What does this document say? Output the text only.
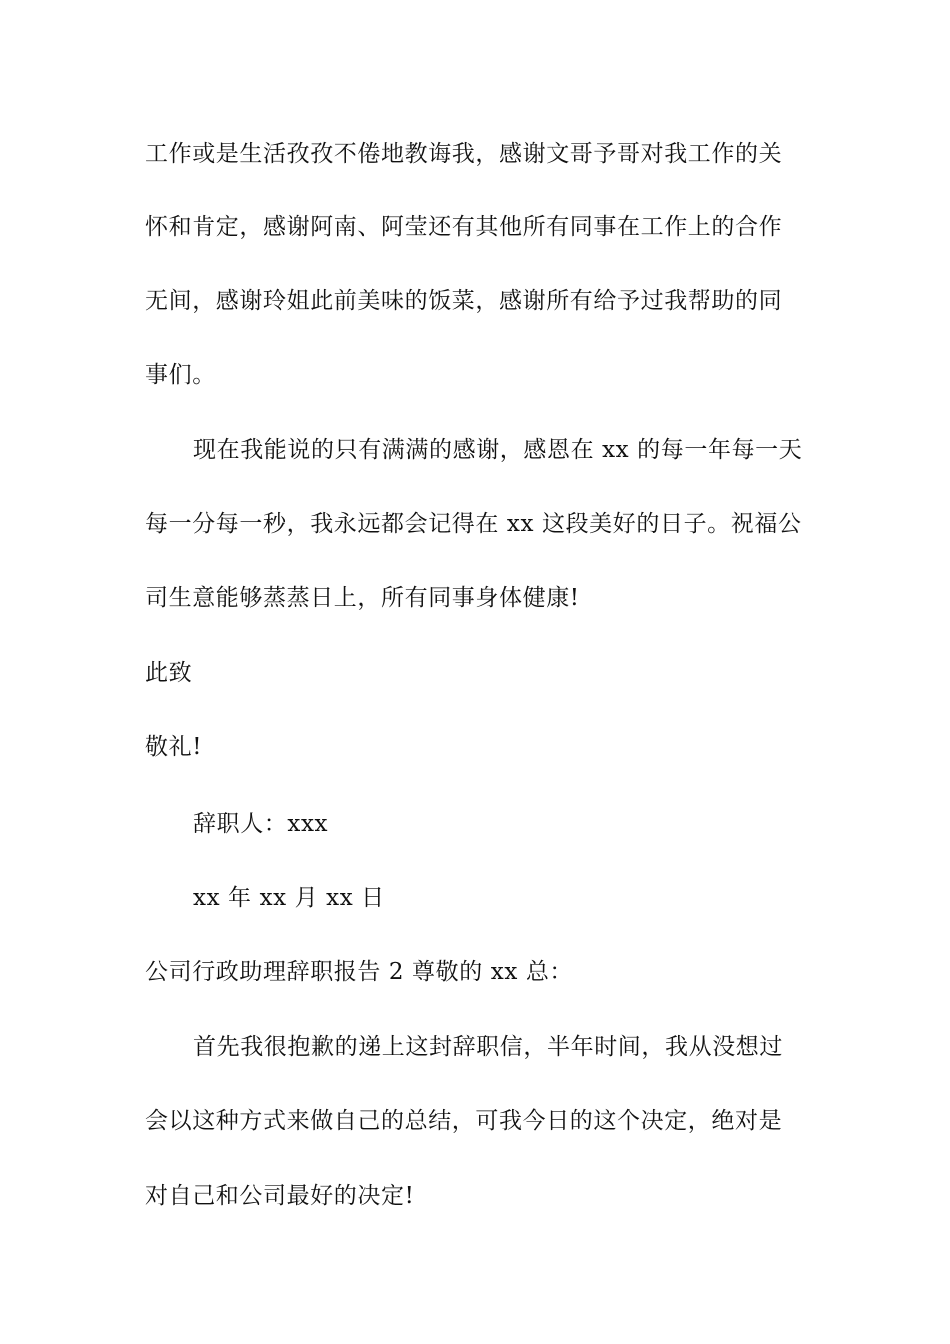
工作或是生活孜孜不倦地教诲我，感谢文哥予哥对我工作的关
怀和肯定，感谢阿南、阿莹还有其他所有同事在工作上的合作
无间，感谢玲姐此前美味的饭菜，感谢所有给予过我帮助的同
事们。
现在我能说的只有满满的感谢，感恩在 xx 的每一年每一天
每一分每一秒，我永远都会记得在 xx 这段美好的日子。祝福公
司生意能够蒸蒸日上，所有同事身体健康!
此致
敬礼!
辞职人：xxx
xx 年 xx 月 xx 日
公司行政助理辞职报告 2 尊敬的 xx 总：
首先我很抱歉的递上这封辞职信，半年时间，我从没想过
会以这种方式来做自己的总结，可我今日的这个决定，绝对是
对自己和公司最好的决定!
